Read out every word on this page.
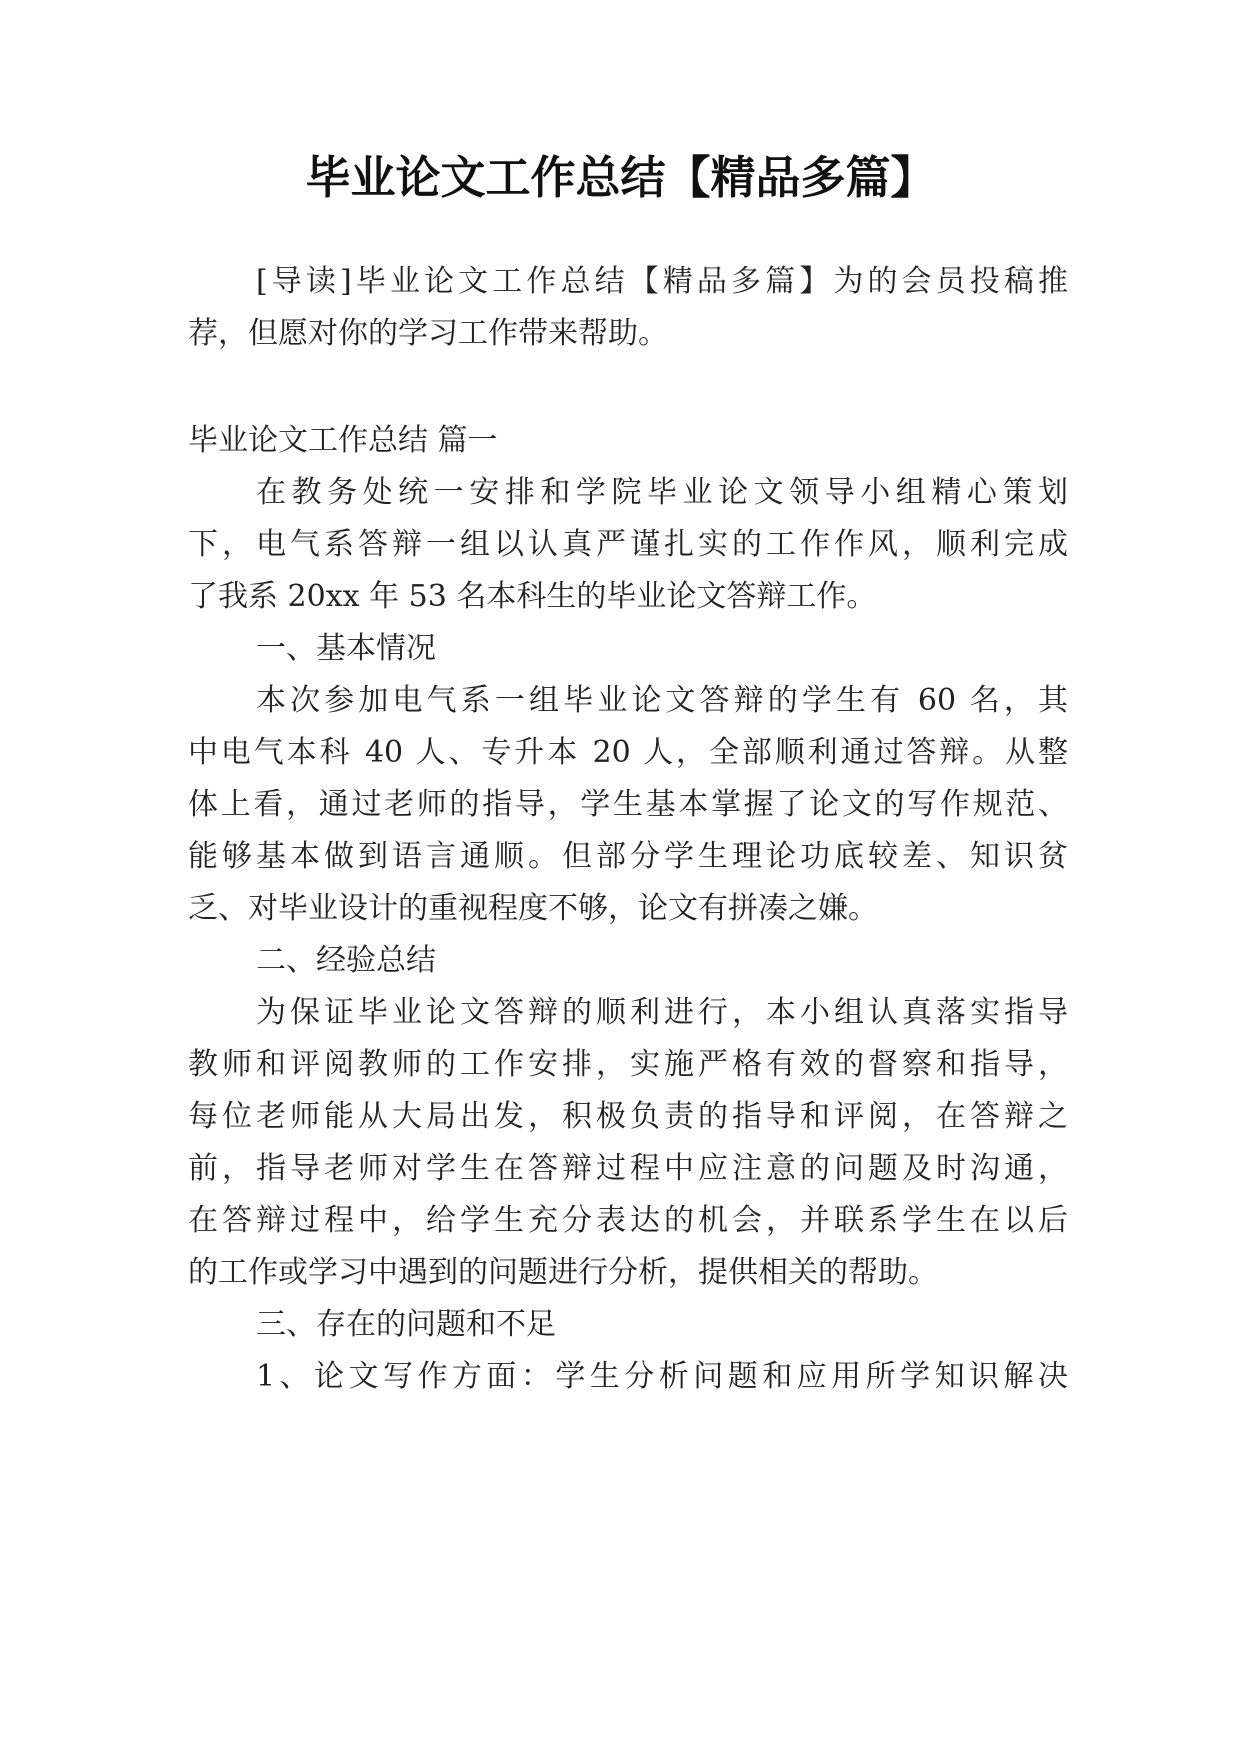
毕业论文工作总结【精品多篇】

[导读]毕业论文工作总结【精品多篇】为的会员投稿推

荐，但愿对你的学习工作带来帮助。

毕业论文工作总结 篇一

在教务处统一安排和学院毕业论文领导小组精心策划

下，电气系答辩一组以认真严谨扎实的工作作风，顺利完成

了我系 20xx 年 53 名本科生的毕业论文答辩工作。

一、基本情况

本次参加电气系一组毕业论文答辩的学生有 60 名，其

中电气本科 40 人、专升本 20 人，全部顺利通过答辩。从整

体上看，通过老师的指导，学生基本掌握了论文的写作规范、

能够基本做到语言通顺。但部分学生理论功底较差、知识贫

乏、对毕业设计的重视程度不够，论文有拼凑之嫌。

二、经验总结

为保证毕业论文答辩的顺利进行，本小组认真落实指导

教师和评阅教师的工作安排，实施严格有效的督察和指导，

每位老师能从大局出发，积极负责的指导和评阅，在答辩之

前，指导老师对学生在答辩过程中应注意的问题及时沟通，

在答辩过程中，给学生充分表达的机会，并联系学生在以后

的工作或学习中遇到的问题进行分析，提供相关的帮助。

三、存在的问题和不足

1、论文写作方面：学生分析问题和应用所学知识解决
